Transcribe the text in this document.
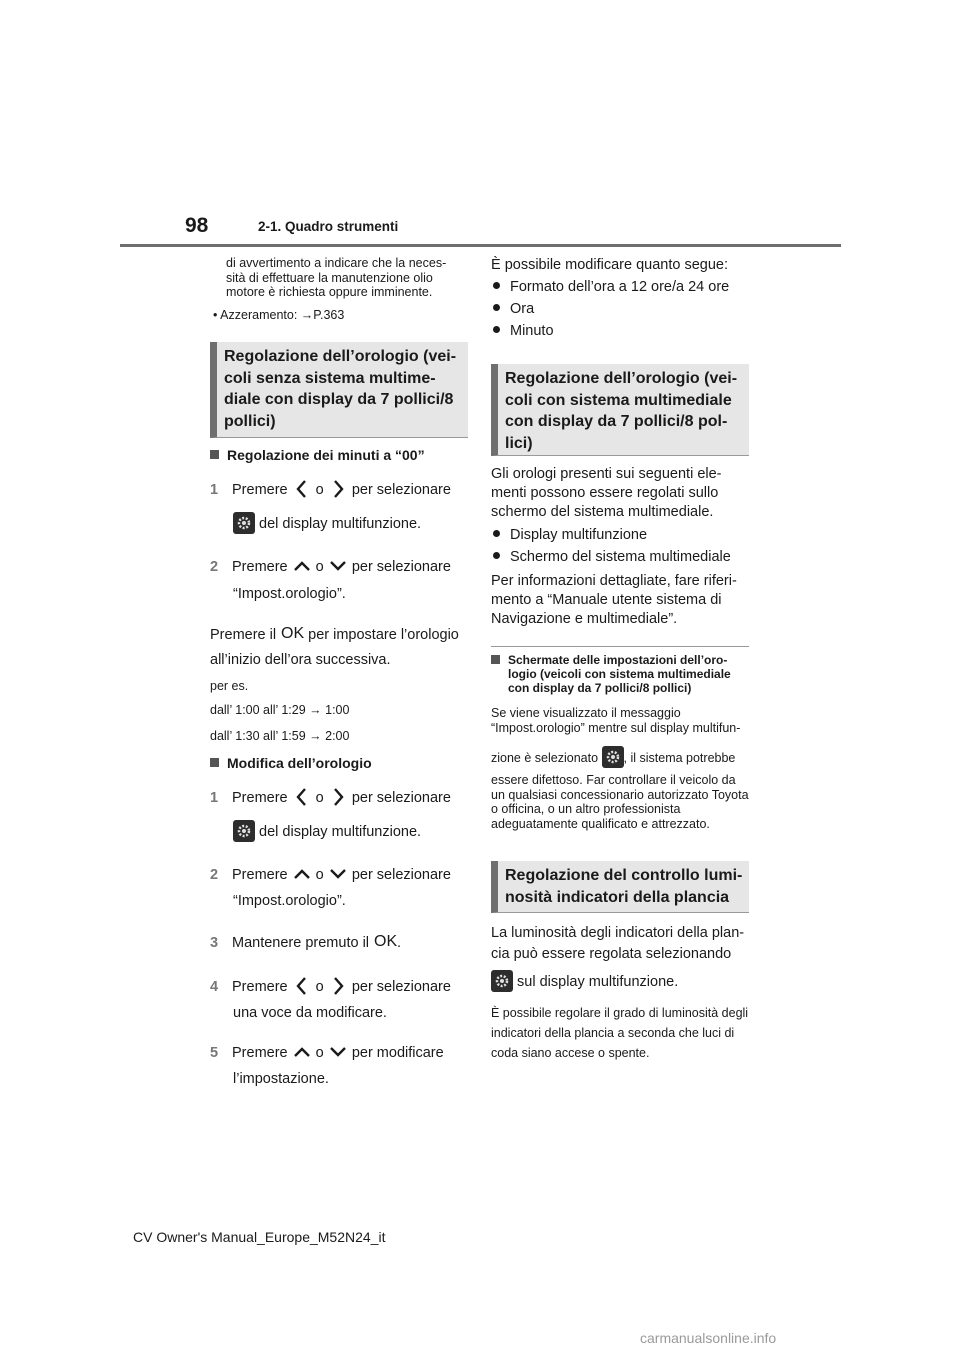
98	2-1. Quadro strumenti
di avvertimento a indicare che la neces-sità di effettuare la manutenzione olio motore è richiesta oppure imminente.
• Azzeramento: →P.363
Regolazione dell’orologio (vei-coli senza sistema multime-diale con display da 7 pollici/8 pollici)
Regolazione dei minuti a “00”
1 Premere o per selezionare
del display multifunzione.
2 Premere o per selezionare
“Impost.orologio”.
Premere il OK per impostare l’orologio
all’inizio dell’ora successiva.
per es.
dall’ 1:00 all’ 1:29 → 1:00
dall’ 1:30 all’ 1:59 → 2:00
Modifica dell’orologio
1 Premere o per selezionare
del display multifunzione.
2 Premere o per selezionare
“Impost.orologio”.
3 Mantenere premuto il OK .
4 Premere o per selezionare
una voce da modificare.
5 Premere o per modificare
l’impostazione.
È possibile modificare quanto segue:
Formato dell’ora a 12 ore/a 24 ore
Ora
Minuto
Regolazione dell’orologio (vei-coli con sistema multimediale con display da 7 pollici/8 pol-lici)
Gli orologi presenti sui seguenti ele-menti possono essere regolati sullo schermo del sistema multimediale.
Display multifunzione
Schermo del sistema multimediale
Per informazioni dettagliate, fare riferi-mento a “Manuale utente sistema di Navigazione e multimediale”.
Schermate delle impostazioni dell’oro-logio (veicoli con sistema multimediale con display da 7 pollici/8 pollici)
Se viene visualizzato il messaggio “Impost.orologio” mentre sul display multifun-
zione è selezionato , il sistema potrebbe
essere difettoso. Far controllare il veicolo da un qualsiasi concessionario autorizzato Toyota o officina, o un altro professionista adeguatamente qualificato e attrezzato.
Regolazione del controllo lumi-nosità indicatori della plancia
La luminosità degli indicatori della plan-
cia può essere regolata selezionando
sul display multifunzione.
È possibile regolare il grado di luminosità degli indicatori della plancia a seconda che luci di coda siano accese o spente.
CV Owner's Manual_Europe_M52N24_it
carmanualsonline.info
